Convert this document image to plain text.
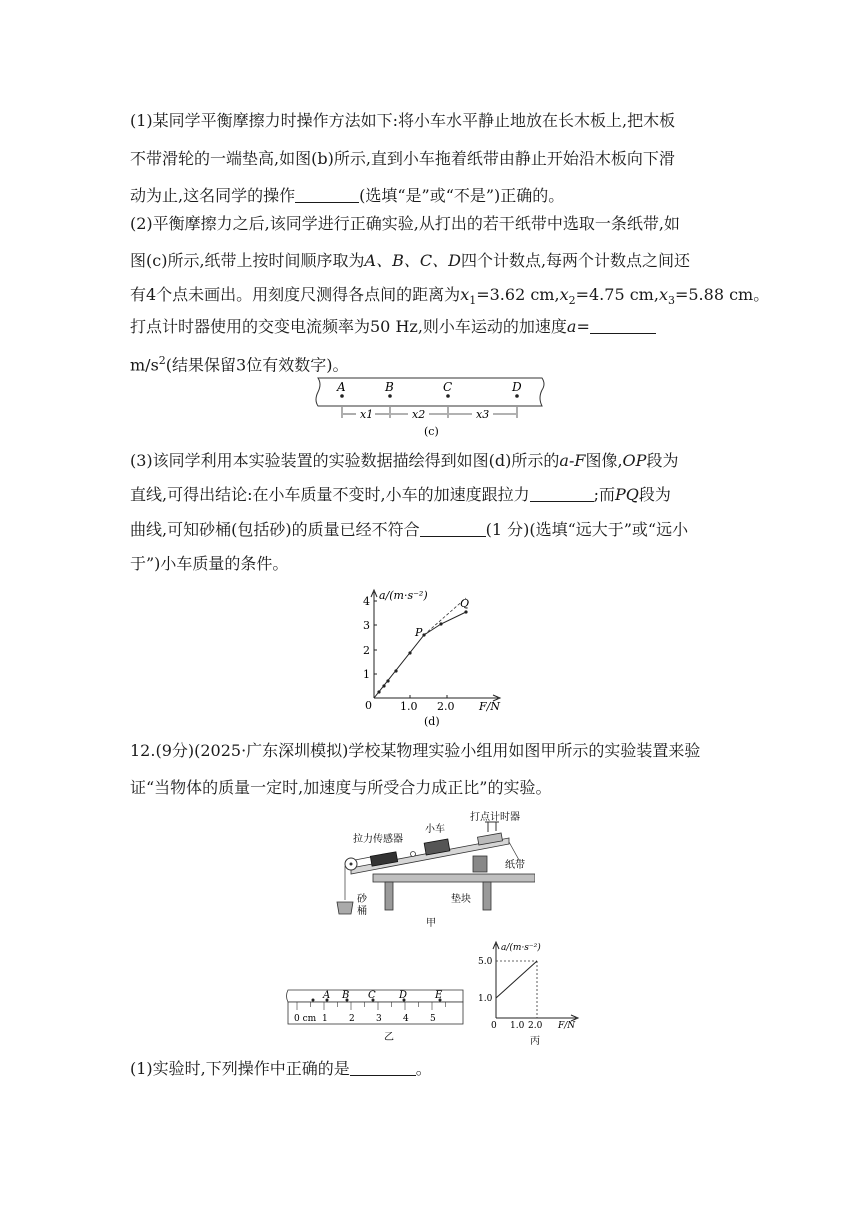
(1)某同学平衡摩擦力时操作方法如下:将小车水平静止地放在长木板上,把木板
不带滑轮的一端垫高,如图(b)所示,直到小车拖着纸带由静止开始沿木板向下滑
动为止,这名同学的操作	(选填“是”或“不是”)正确的。
(2)平衡摩擦力之后,该同学进行正确实验,从打出的若干纸带中选取一条纸带,如
图(c)所示,纸带上按时间顺序取为A、B、C、D四个计数点,每两个计数点之间还
有4个点未画出。用刻度尺测得各点间的距离为$x_1=3.62$ $cm,x_2=4.75$ $cm,x_3=5.88$ cm。
打点计时器使用的交变电流频率为50 Hz,则小车运动的加速度a=
$m/s^2$(结果保留3位有效数字)。
A	B	C	D
x1	x2	x3
(c)
(3)该同学利用本实验装置的实验数据描绘得到如图(d)所示的a-F图像,OP段为
直线,可得出结论:在小车质量不变时,小车的加速度跟拉力	;而PQ段为
曲线,可知砂桶(包括砂)的质量已经不符合	(1 分)(选填“远大于”或“远小
于”)小车质量的条件。
a/(m·s⁻²)
F/N
1
2
3
4
0	1.0 2.0
P
Q
(d)
12.(9分)(2025·广东深圳模拟)学校某物理实验小组用如图甲所示的实验装置来验
证“当物体的质量一定时,加速度与所受合力成正比”的实验。
打点计时器
拉力传感器
小车
纸带
砂
桶
垫块
甲
A B C D	E
0 cm 1 2 3 4 5
乙
a/(m·s⁻²)
F/N
5.0
1.0
0 1.0 2.0
丙
(1)实验时,下列操作中正确的是	。
